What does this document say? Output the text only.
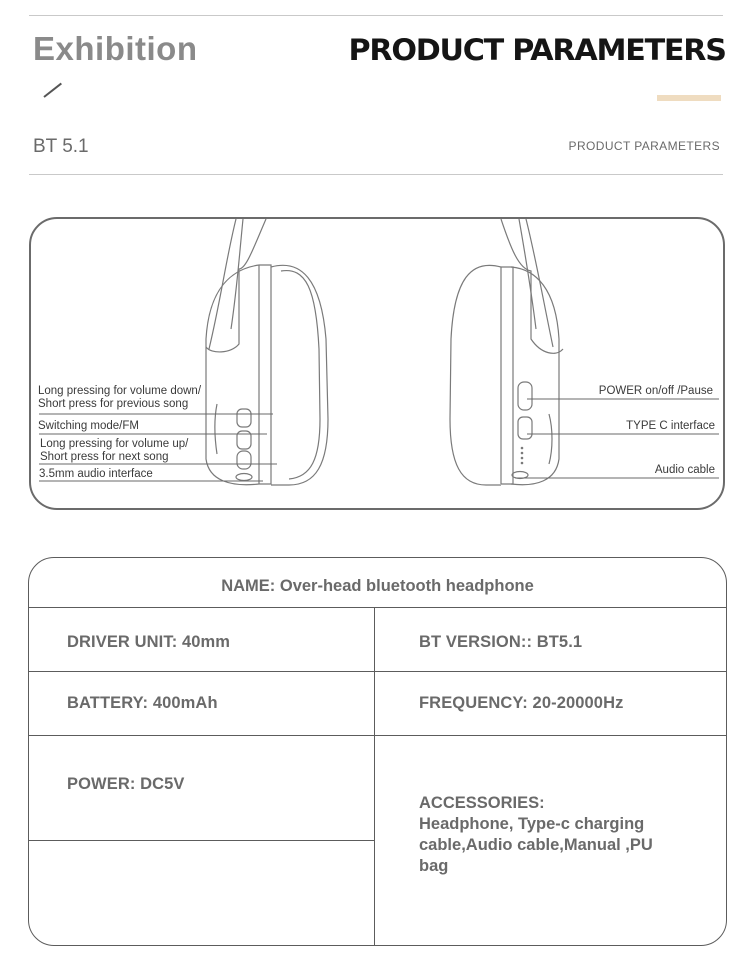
Exhibition	PRODUCT PARAMETERS
BT 5.1	PRODUCT PARAMETERS
Long pressing for volume down/
Short press for previous song
Switching mode/FM
Long pressing for volume up/
Short press for next song
3.5mm audio interface
POWER on/off /Pause
TYPE C interface
Audio cable
NAME: Over-head bluetooth headphone
DRIVER UNIT: 40mm	BT VERSION:: BT5.1
BATTERY: 400mAh	FREQUENCY: 20-20000Hz
POWER: DC5V
ACCESSORIES:
Headphone, Type-c charging
cable,Audio cable,Manual ,PU
bag
